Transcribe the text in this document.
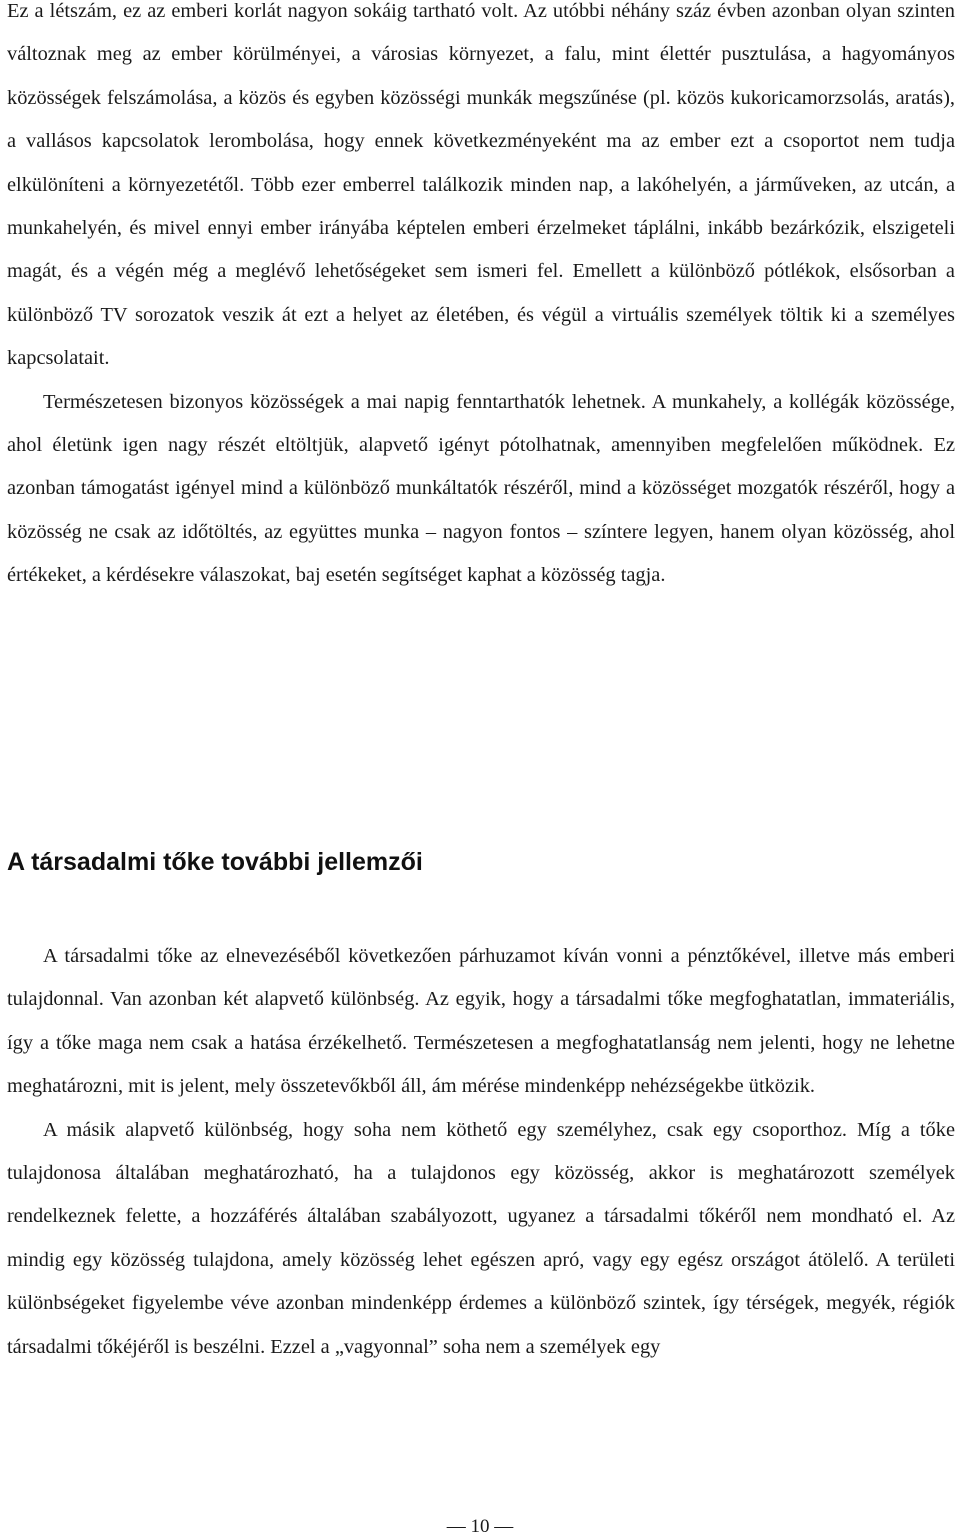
Ez a létszám, ez az emberi korlát nagyon sokáig tartható volt. Az utóbbi néhány száz évben azonban olyan szinten változnak meg az ember körülményei, a városias környezet, a falu, mint élettér pusztulása, a hagyományos közösségek felszámolása, a közös és egyben közösségi munkák megszűnése (pl. közös kukoricamorzsolás, aratás), a vallásos kapcsolatok lerombolása, hogy ennek következményeként ma az ember ezt a csoportot nem tudja elkülöníteni a környezetétől. Több ezer emberrel találkozik minden nap, a lakóhelyén, a járműveken, az utcán, a munkahelyén, és mivel ennyi ember irányába képtelen emberi érzelmeket táplálni, inkább bezárkózik, elszigeteli magát, és a végén még a meglévő lehetőségeket sem ismeri fel. Emellett a különböző pótlékok, elsősorban a különböző TV sorozatok veszik át ezt a helyet az életében, és végül a virtuális személyek töltik ki a személyes kapcsolatait.

Természetesen bizonyos közösségek a mai napig fenntarthatók lehetnek. A munkahely, a kollégák közössége, ahol életünk igen nagy részét eltöltjük, alapvető igényt pótolhatnak, amennyiben megfelelően működnek. Ez azonban támogatást igényel mind a különböző munkáltatók részéről, mind a közösséget mozgatók részéről, hogy a közösség ne csak az időtöltés, az együttes munka – nagyon fontos – színtere legyen, hanem olyan közösség, ahol értékeket, a kérdésekre válaszokat, baj esetén segítséget kaphat a közösség tagja.

A társadalmi tőke további jellemzői

A társadalmi tőke az elnevezéséből következően párhuzamot kíván vonni a pénztőkével, illetve más emberi tulajdonnal. Van azonban két alapvető különbség. Az egyik, hogy a társadalmi tőke megfoghatatlan, immateriális, így a tőke maga nem csak a hatása érzékelhető. Természetesen a megfoghatatlanság nem jelenti, hogy ne lehetne meghatározni, mit is jelent, mely összetevőkből áll, ám mérése mindenképp nehézségekbe ütközik.

A másik alapvető különbség, hogy soha nem köthető egy személyhez, csak egy csoporthoz. Míg a tőke tulajdonosa általában meghatározható, ha a tulajdonos egy közösség, akkor is meghatározott személyek rendelkeznek felette, a hozzáférés általában szabályozott, ugyanez a társadalmi tőkéről nem mondható el. Az mindig egy közösség tulajdona, amely közösség lehet egészen apró, vagy egy egész országot átölelő. A területi különbségeket figyelembe véve azonban mindenképp érdemes a különböző szintek, így térségek, megyék, régiók társadalmi tőkéjéről is beszélni. Ezzel a „vagyonnal” soha nem a személyek egy

— 10 —
